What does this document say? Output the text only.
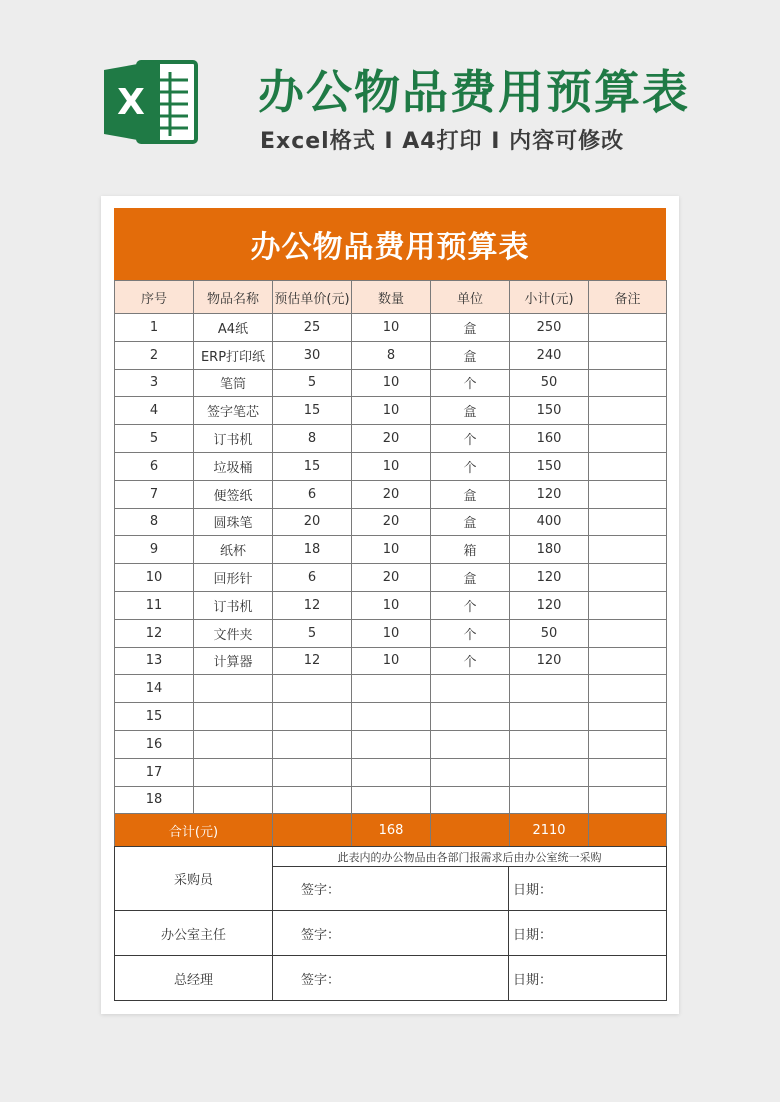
X 办公物品费用预算表
Excel格式 I A4打印 I 内容可修改
办公物品费用预算表
序号	物品名称	预估单价(元)	数量	单位	小计(元)	备注
1	A4纸	25	10	盒	250	
2	ERP打印纸	30	8	盒	240	
3	笔筒	5	10	个	50	
4	签字笔芯	15	10	盒	150	
5	订书机	8	20	个	160	
6	垃圾桶	15	10	个	150	
7	便签纸	6	20	盒	120	
8	圆珠笔	20	20	盒	400	
9	纸杯	18	10	箱	180	
10	回形针	6	20	盒	120	
11	订书机	12	10	个	120	
12	文件夹	5	10	个	50	
13	计算器	12	10	个	120	
14						
15						
16						
17						
18						
合计(元)			168		2110	
采购员	此表内的办公物品由各部门报需求后由办公室统一采购	
	签字：	日期：
办公室主任	签字：	日期：
总经理	签字：	日期：
